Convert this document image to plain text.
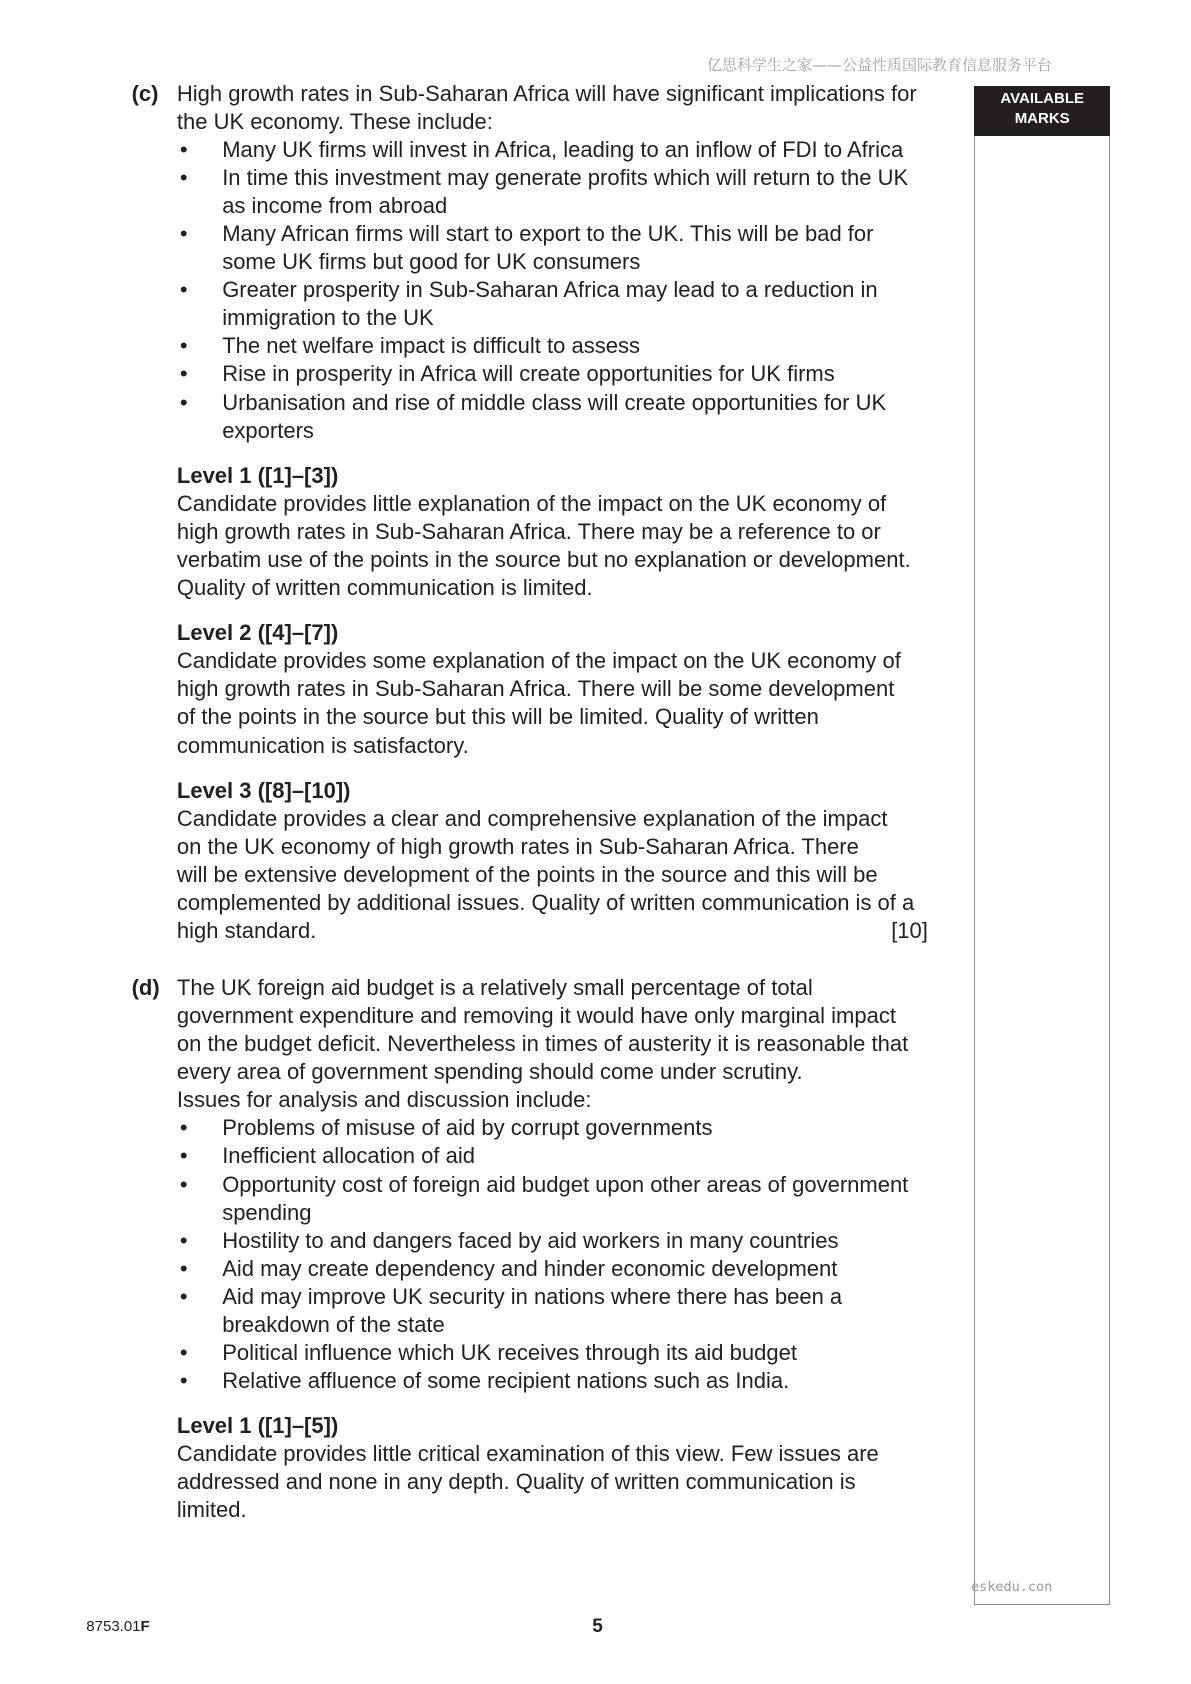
亿思科学生之家——公益性质国际教育信息服务平台
AVAILABLE
MARKS
(c) High growth rates in Sub-Saharan Africa will have significant implications for
the UK economy. These include:
• Many UK firms will invest in Africa, leading to an inflow of FDI to Africa
• In time this investment may generate profits which will return to the UK
as income from abroad
• Many African firms will start to export to the UK. This will be bad for
some UK firms but good for UK consumers
• Greater prosperity in Sub-Saharan Africa may lead to a reduction in
immigration to the UK
• The net welfare impact is difficult to assess
• Rise in prosperity in Africa will create opportunities for UK firms
• Urbanisation and rise of middle class will create opportunities for UK
exporters
Level 1 ([1]–[3])
Candidate provides little explanation of the impact on the UK economy of
high growth rates in Sub-Saharan Africa. There may be a reference to or
verbatim use of the points in the source but no explanation or development.
Quality of written communication is limited.
Level 2 ([4]–[7])
Candidate provides some explanation of the impact on the UK economy of
high growth rates in Sub-Saharan Africa. There will be some development
of the points in the source but this will be limited. Quality of written
communication is satisfactory.
Level 3 ([8]–[10])
Candidate provides a clear and comprehensive explanation of the impact
on the UK economy of high growth rates in Sub-Saharan Africa. There
will be extensive development of the points in the source and this will be
complemented by additional issues. Quality of written communication is of a
high standard.	[10]
(d) The UK foreign aid budget is a relatively small percentage of total
government expenditure and removing it would have only marginal impact
on the budget deficit. Nevertheless in times of austerity it is reasonable that
every area of government spending should come under scrutiny.
Issues for analysis and discussion include:
• Problems of misuse of aid by corrupt governments
• Inefficient allocation of aid
• Opportunity cost of foreign aid budget upon other areas of government
spending
• Hostility to and dangers faced by aid workers in many countries
• Aid may create dependency and hinder economic development
• Aid may improve UK security in nations where there has been a
breakdown of the state
• Political influence which UK receives through its aid budget
• Relative affluence of some recipient nations such as India.
Level 1 ([1]–[5])
Candidate provides little critical examination of this view. Few issues are
addressed and none in any depth. Quality of written communication is
limited.
eskedu.con
8753.01F	5
